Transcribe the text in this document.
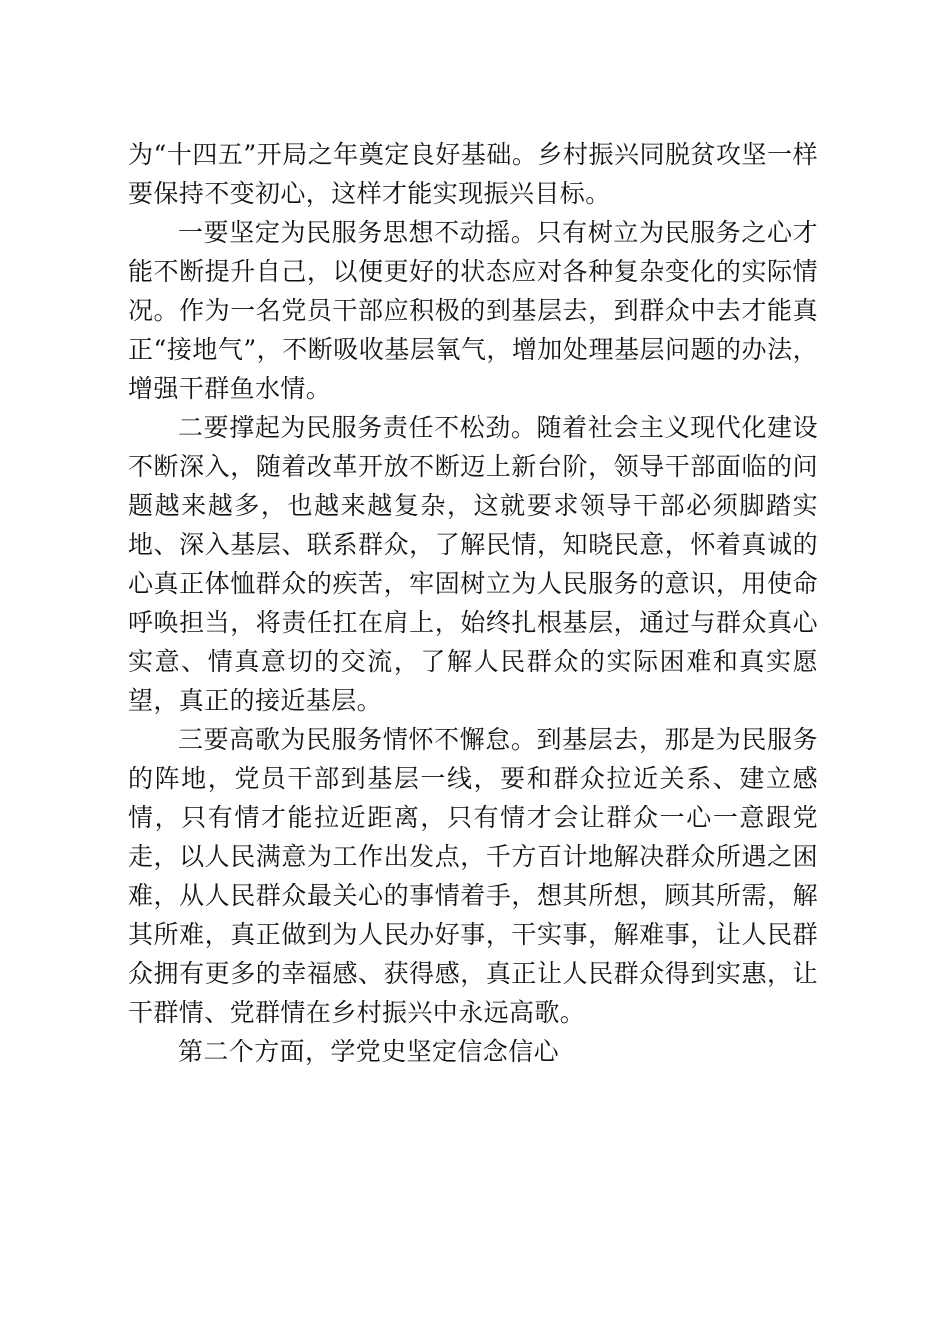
为“十四五”开局之年奠定良好基础。乡村振兴同脱贫攻坚一样要保持不变初心，这样才能实现振兴目标。

一要坚定为民服务思想不动摇。只有树立为民服务之心才能不断提升自己，以便更好的状态应对各种复杂变化的实际情况。作为一名党员干部应积极的到基层去，到群众中去才能真正“接地气”，不断吸收基层氧气，增加处理基层问题的办法，增强干群鱼水情。

二要撑起为民服务责任不松劲。随着社会主义现代化建设不断深入，随着改革开放不断迈上新台阶，领导干部面临的问题越来越多，也越来越复杂，这就要求领导干部必须脚踏实地、深入基层、联系群众，了解民情，知晓民意，怀着真诚的心真正体恤群众的疾苦，牢固树立为人民服务的意识，用使命呼唤担当，将责任扛在肩上，始终扎根基层，通过与群众真心实意、情真意切的交流，了解人民群众的实际困难和真实愿望，真正的接近基层。

三要高歌为民服务情怀不懈怠。到基层去，那是为民服务的阵地，党员干部到基层一线，要和群众拉近关系、建立感情，只有情才能拉近距离，只有情才会让群众一心一意跟党走，以人民满意为工作出发点，千方百计地解决群众所遇之困难，从人民群众最关心的事情着手，想其所想，顾其所需，解其所难，真正做到为人民办好事，干实事，解难事，让人民群众拥有更多的幸福感、获得感，真正让人民群众得到实惠，让干群情、党群情在乡村振兴中永远高歌。

第二个方面，学党史坚定信念信心
